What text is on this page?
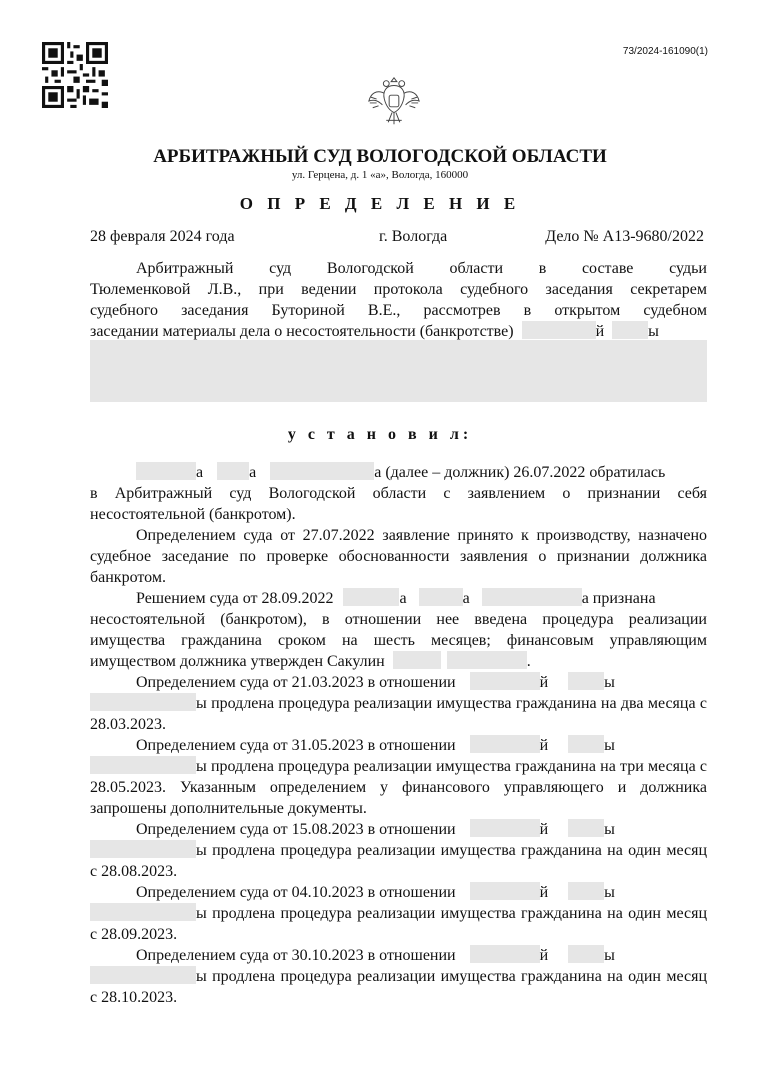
73/2024-161090(1)
АРБИТРАЖНЫЙ СУД ВОЛОГОДСКОЙ ОБЛАСТИ
ул. Герцена, д. 1 «а», Вологда, 160000
О П Р Е Д Е Л Е Н И Е
28 февраля 2024 года	г. Вологда	Дело № А13-9680/2022

Арбитражный суд Вологодской области в составе судьи

Тюлеменковой Л.В., при ведении протокола судебного заседания секретарем

судебного заседания Буториной В.Е., рассмотрев в открытом судебном

заседании материалы дела о несостоятельности (банкротстве)	й	ы

у с т а н о в и л:

а	а	а (далее – должник) 26.07.2022 обратилась

в Арбитражный суд Вологодской области с заявлением о признании себя несостоятельной (банкротом).

Определением суда от 27.07.2022 заявление принято к производству, назначено судебное заседание по проверке обоснованности заявления о признании должника банкротом.

Решением суда от 28.09.2022	а	а	а признана

несостоятельной (банкротом), в отношении нее введена процедура реализации имущества гражданина сроком на шесть месяцев; финансовым управляющим имуществом должника утвержден Сакулин	.

Определением суда от 21.03.2023 в отношении	й	ы

ы продлена процедура реализации имущества гражданина на два месяца с 28.03.2023.

Определением суда от 31.05.2023 в отношении	й	ы

ы продлена процедура реализации имущества гражданина на три месяца с 28.05.2023. Указанным определением у финансового управляющего и должника запрошены дополнительные документы.

Определением суда от 15.08.2023 в отношении	й	ы

ы продлена процедура реализации имущества гражданина на один месяц с 28.08.2023.

Определением суда от 04.10.2023 в отношении	й	ы

ы продлена процедура реализации имущества гражданина на один месяц с 28.09.2023.

Определением суда от 30.10.2023 в отношении	й	ы

ы продлена процедура реализации имущества гражданина на один месяц с 28.10.2023.
